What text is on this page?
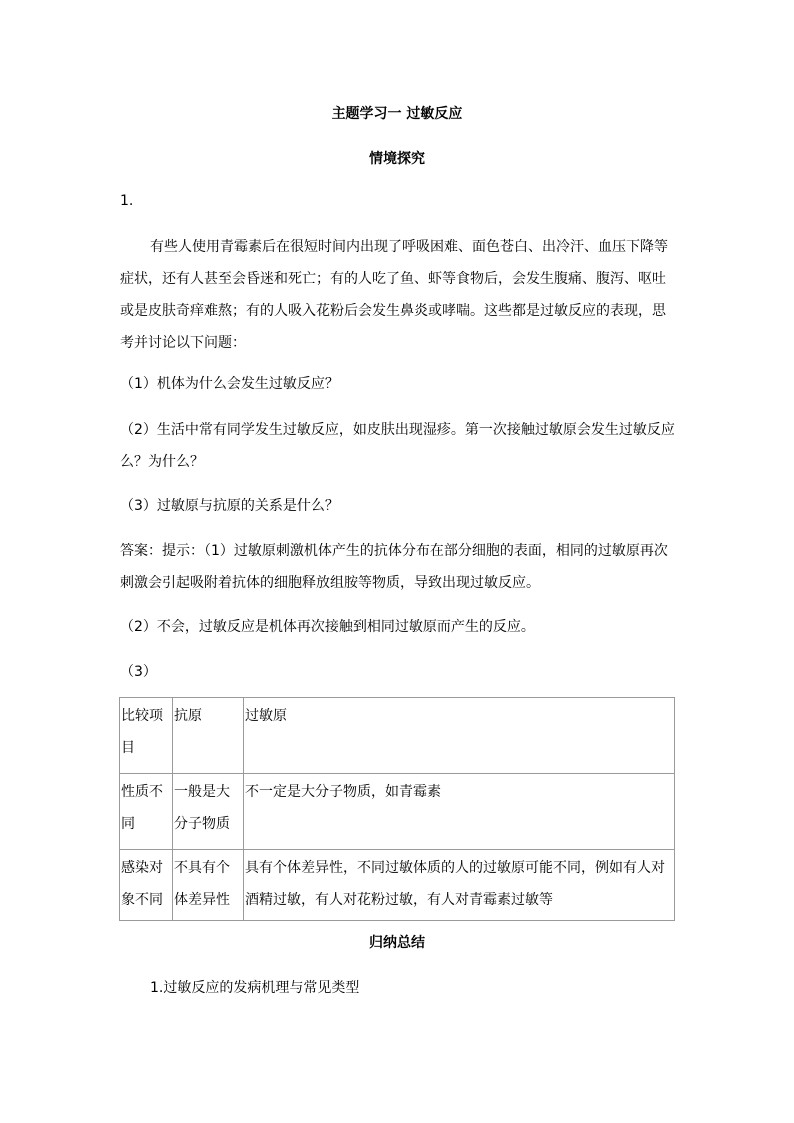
主题学习一 过敏反应
情境探究
1.
有些人使用青霉素后在很短时间内出现了呼吸困难、面色苍白、出冷汗、血压下降等症状，还有人甚至会昏迷和死亡；有的人吃了鱼、虾等食物后，会发生腹痛、腹泻、呕吐或是皮肤奇痒难熬；有的人吸入花粉后会发生鼻炎或哮喘。这些都是过敏反应的表现，思考并讨论以下问题：
（1）机体为什么会发生过敏反应？
（2）生活中常有同学发生过敏反应，如皮肤出现湿疹。第一次接触过敏原会发生过敏反应么？为什么？
（3）过敏原与抗原的关系是什么？
答案：提示：（1）过敏原刺激机体产生的抗体分布在部分细胞的表面，相同的过敏原再次刺激会引起吸附着抗体的细胞释放组胺等物质，导致出现过敏反应。
（2）不会，过敏反应是机体再次接触到相同过敏原而产生的反应。
（3）
比较项目	抗原	过敏原
性质不同	一般是大分子物质	不一定是大分子物质，如青霉素
感染对象不同	不具有个体差异性	具有个体差异性，不同过敏体质的人的过敏原可能不同，例如有人对酒精过敏，有人对花粉过敏，有人对青霉素过敏等
归纳总结
1.过敏反应的发病机理与常见类型
